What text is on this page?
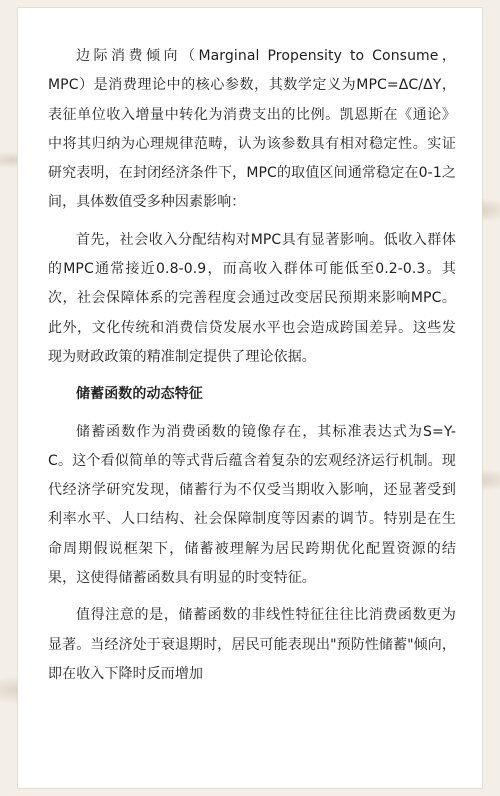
边际消费倾向（Marginal Propensity to Consume，MPC）是消费理论中的核心参数，其数学定义为MPC=ΔC/ΔY，表征单位收入增量中转化为消费支出的比例。凯恩斯在《通论》中将其归纳为心理规律范畴，认为该参数具有相对稳定性。实证研究表明，在封闭经济条件下，MPC的取值区间通常稳定在0-1之间，具体数值受多种因素影响：

首先，社会收入分配结构对MPC具有显著影响。低收入群体的MPC通常接近0.8-0.9，而高收入群体可能低至0.2-0.3。其次，社会保障体系的完善程度会通过改变居民预期来影响MPC。此外，文化传统和消费信贷发展水平也会造成跨国差异。这些发现为财政政策的精准制定提供了理论依据。

储蓄函数的动态特征

储蓄函数作为消费函数的镜像存在，其标准表达式为S=Y-C。这个看似简单的等式背后蕴含着复杂的宏观经济运行机制。现代经济学研究发现，储蓄行为不仅受当期收入影响，还显著受到利率水平、人口结构、社会保障制度等因素的调节。特别是在生命周期假说框架下，储蓄被理解为居民跨期优化配置资源的结果，这使得储蓄函数具有明显的时变特征。

值得注意的是，储蓄函数的非线性特征往往比消费函数更为显著。当经济处于衰退期时，居民可能表现出"预防性储蓄"倾向，即在收入下降时反而增加
